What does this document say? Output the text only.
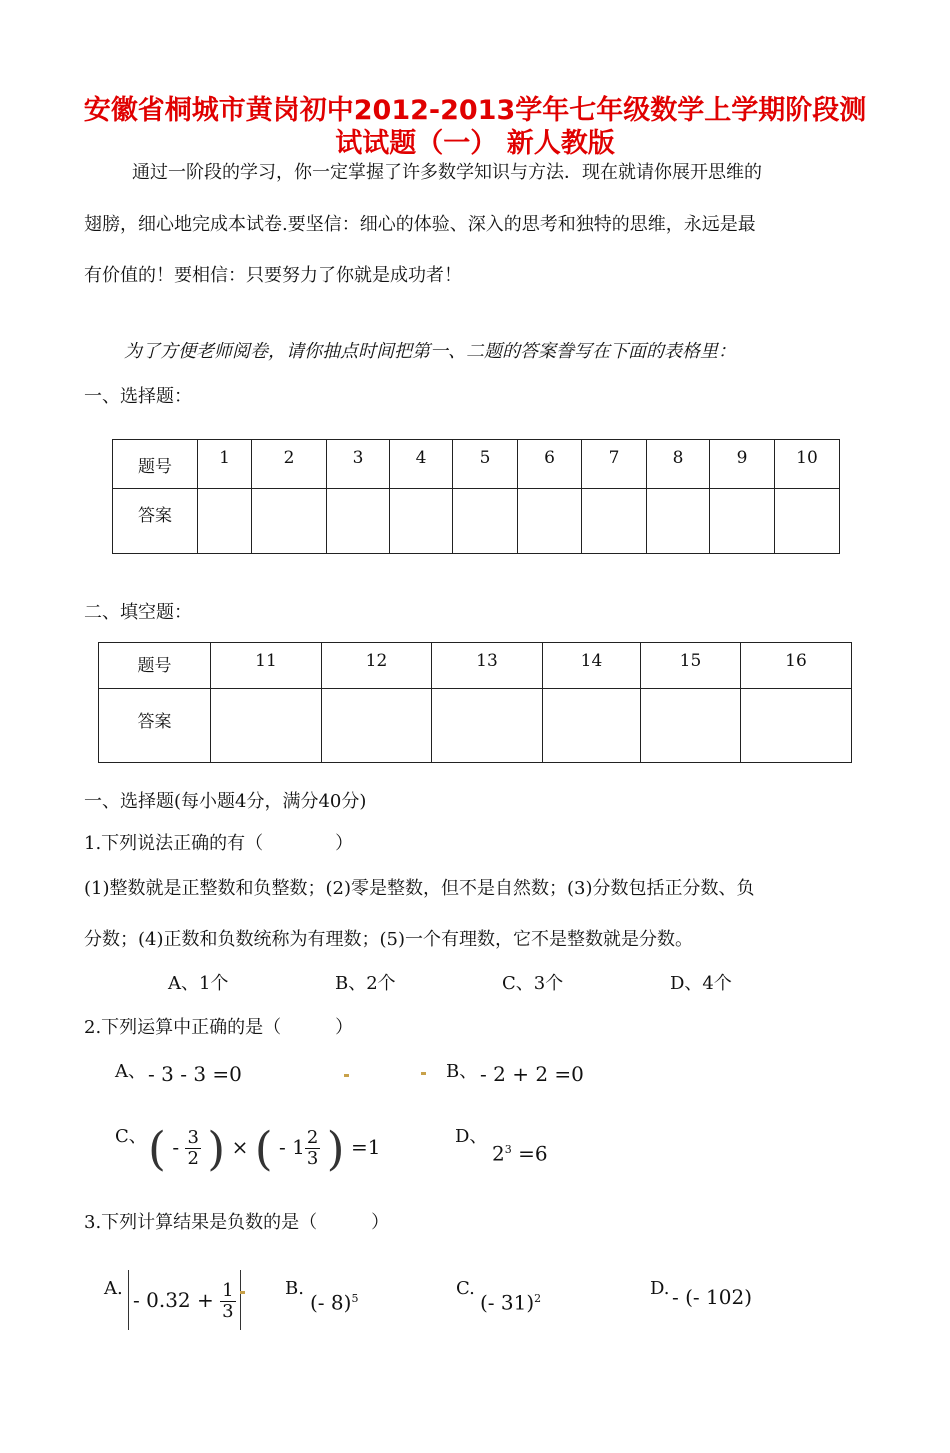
安徽省桐城市黄岗初中2012-2013学年七年级数学上学期阶段测
试试题（一） 新人教版
通过一阶段的学习，你一定掌握了许多数学知识与方法．现在就请你展开思维的
翅膀，细心地完成本试卷.要坚信：细心的体验、深入的思考和独特的思维，永远是最
有价值的！要相信：只要努力了你就是成功者！
为了方便老师阅卷，请你抽点时间把第一、二题的答案誊写在下面的表格里：
一、选择题：
题号	1	2	3	4	5	6	7	8	9	10
答案										
二、填空题：
题号	11	12	13	14	15	16
答案						
一、选择题(每小题4分，满分40分)
1.下列说法正确的有（　　　　）
(1)整数就是正整数和负整数；(2)零是整数，但不是自然数；(3)分数包括正分数、负
分数；(4)正数和负数统称为有理数；(5)一个有理数，它不是整数就是分数。
A、1个	B、2个	C、3个	D、4个
2.下列运算中正确的是（　　　）
A、 - 3 - 3 =0	B、 - 2 + 2 =0
C、 ( - $\frac{3}{2}$ ) × ( - $1 \frac{2}{3}$ ) =1	D、
$2^3 =6$
3.下列计算结果是负数的是（　　　）
A. - $0.32 + \frac{1}{3}$	B.
(- 8)$^5$	C.
(- 31)$^2$	D. - (- 102)
